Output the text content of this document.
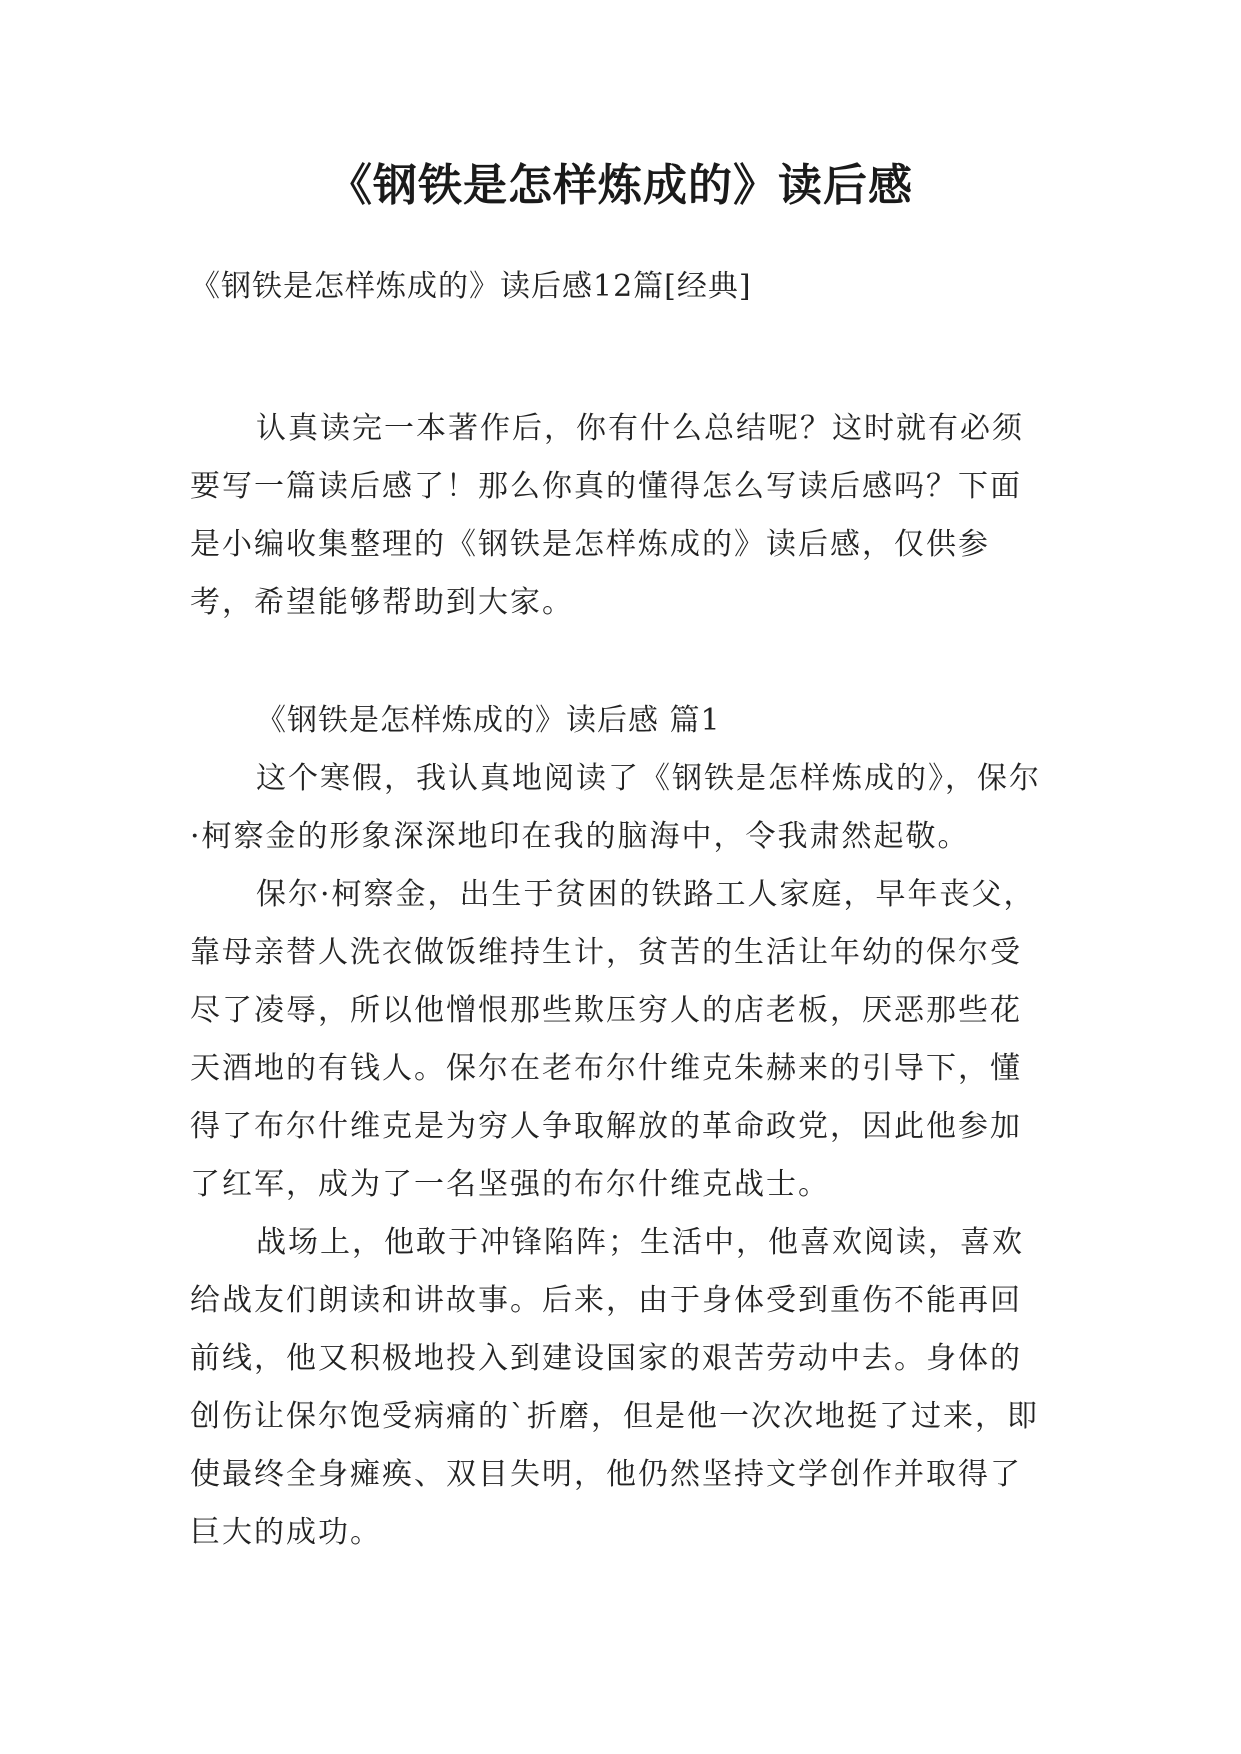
《钢铁是怎样炼成的》读后感
《钢铁是怎样炼成的》读后感12篇[经典]

认真读完一本著作后，你有什么总结呢？这时就有必须要写一篇读后感了！那么你真的懂得怎么写读后感吗？下面是小编收集整理的《钢铁是怎样炼成的》读后感，仅供参考，希望能够帮助到大家。

《钢铁是怎样炼成的》读后感 篇1

这个寒假，我认真地阅读了《钢铁是怎样炼成的》，保尔·柯察金的形象深深地印在我的脑海中，令我肃然起敬。

保尔·柯察金，出生于贫困的铁路工人家庭，早年丧父，靠母亲替人洗衣做饭维持生计，贫苦的生活让年幼的保尔受尽了凌辱，所以他憎恨那些欺压穷人的店老板，厌恶那些花天酒地的有钱人。保尔在老布尔什维克朱赫来的引导下，懂得了布尔什维克是为穷人争取解放的革命政党，因此他参加了红军，成为了一名坚强的布尔什维克战士。

战场上，他敢于冲锋陷阵；生活中，他喜欢阅读，喜欢给战友们朗读和讲故事。后来，由于身体受到重伤不能再回前线，他又积极地投入到建设国家的艰苦劳动中去。身体的创伤让保尔饱受病痛的`折磨，但是他一次次地挺了过来，即使最终全身瘫痪、双目失明，他仍然坚持文学创作并取得了巨大的成功。
